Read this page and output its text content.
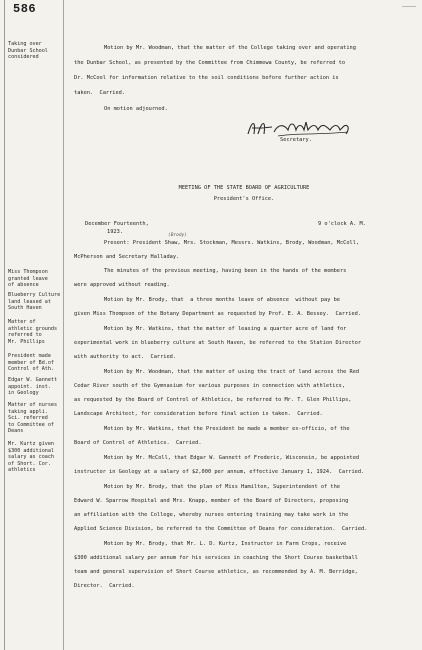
586
Taking over
Dunbar School
considered
Miss Thompson
granted leave
of absence
Blueberry Culture
land leased at
South Haven
Matter of
athletic grounds
referred to
Mr. Phillips
President made
member of Bd.of
Control of Ath.
Edgar W. Gannett
appoint. inst.
in Geology
Matter of nurses
taking appli.
Sci. referred
to Committee of
Deans
Mr. Kurtz given
$300 additional
salary as coach
of Short. Cor.
athletics
Motion by Mr. Woodman, that the matter of the College taking over and operating
the Dunbar School, as presented by the Committee from Chimmewa County, be referred to
Dr. McCool for information relative to the soil conditions before further action is
taken.  Carried.
On motion adjourned.
Secretary.
MEETING OF THE STATE BOARD OF AGRICULTURE
President's Office.
December Fourteenth,
1923.
9 o'clock A. M.
(Brody)
Present: President Shaw, Mrs. Stockman, Messrs. Watkins, Brody, Woodman, McColl,
McPherson and Secretary Halladay.
The minutes of the previous meeting, having been in the hands of the members
were approved without reading.
Motion by Mr. Brody, that  a three months leave of absence  without pay be
given Miss Thompson of the Botany Department as requested by Prof. E. A. Bessey.  Carried.
Motion by Mr. Watkins, that the matter of leasing a quarter acre of land for
experimental work in blueberry culture at South Haven, be referred to the Station Director
with authority to act.  Carried.
Motion by Mr. Woodman, that the matter of using the tract of land across the Red
Cedar River south of the Gymnasium for various purposes in connection with athletics,
as requested by the Board of Control of Athletics, be referred to Mr. T. Glen Phillips,
Landscape Architect, for consideration before final action is taken.  Carried.
Motion by Mr. Watkins, that the President be made a member ex-officio, of the
Board of Control of Athletics.  Carried.
Motion by Mr. McColl, that Edgar W. Gannett of Frederic, Wisconsin, be appointed
instructor in Geology at a salary of $2,000 per annum, effective January 1, 1924.  Carried.
Motion by Mr. Brody, that the plan of Miss Hamilton, Superintendent of the
Edward W. Sparrow Hospital and Mrs. Knapp, member of the Board of Directors, proposing
an affiliation with the College, whereby nurses entering training may take work in the
Applied Science Division, be referred to the Committee of Deans for consideration.  Carried.
Motion by Mr. Brody, that Mr. L. D. Kurtz, Instructor in Farm Crops, receive
$300 additional salary per annum for his services in coaching the Short Course basketball
team and general supervision of Short Course athletics, as recommended by A. M. Berridge,
Director.  Carried.
